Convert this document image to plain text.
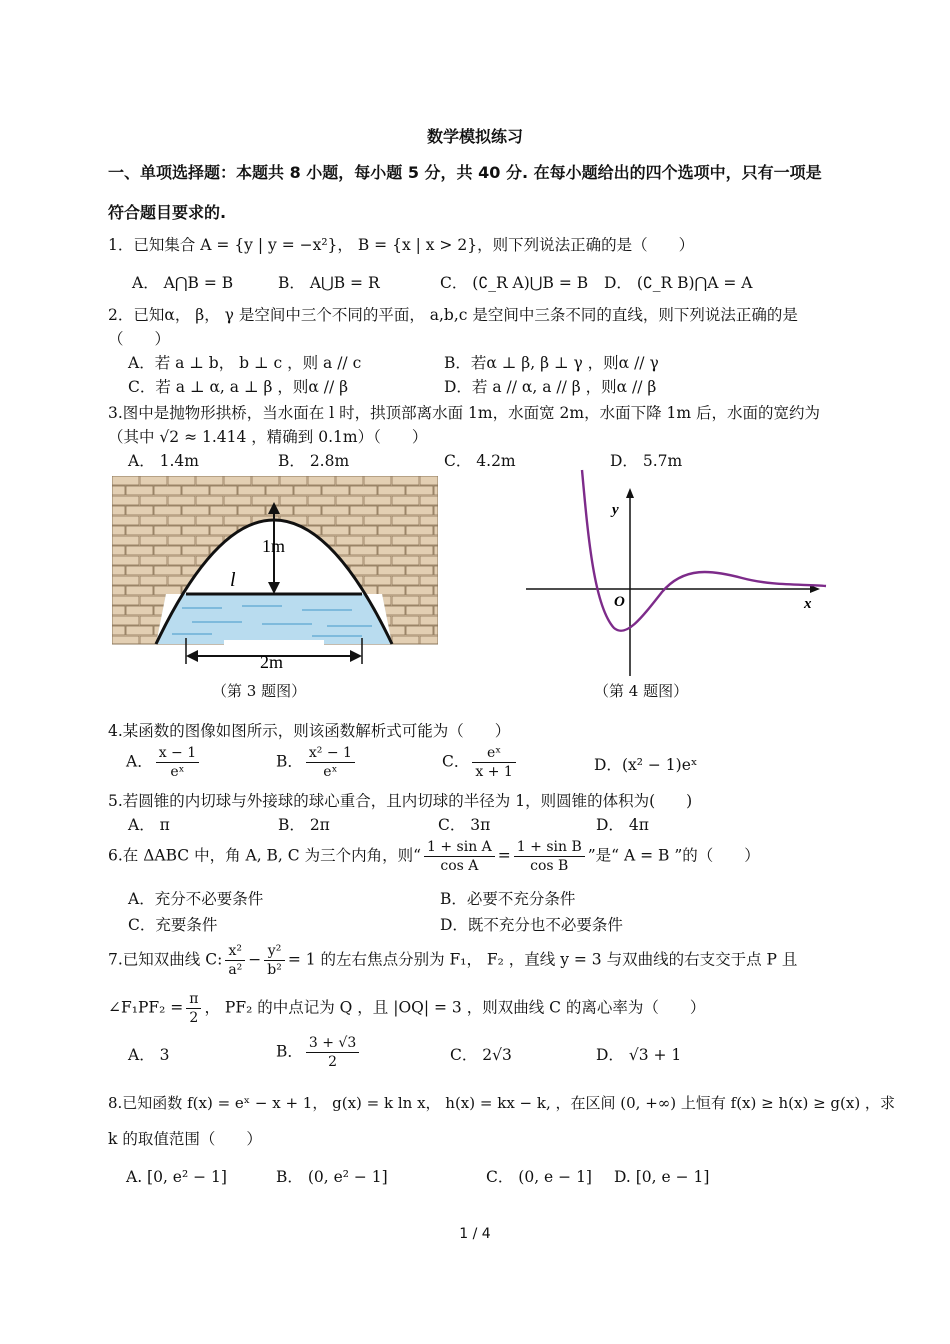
数学模拟练习
一、单项选择题：本题共 8 小题，每小题 5 分，共 40 分. 在每小题给出的四个选项中，只有一项是
符合题目要求的.
1．已知集合 A = {y | y = −x²}， B = {x | x > 2}，则下列说法正确的是（　　）
A． A⋂B = B	B． A⋃B = R	C． (∁_R A)⋃B = B D． (∁_R B)⋂A = A
2．已知α， β， γ 是空间中三个不同的平面， a,b,c 是空间中三条不同的直线，则下列说法正确的是
（　　）
A．若 a ⊥ b， b ⊥ c ，则 a // c	B．若α ⊥ β, β ⊥ γ ，则α // γ
C．若 a ⊥ α, a ⊥ β ，则α // β	D．若 a // α, a // β ，则α // β
3.图中是抛物形拱桥，当水面在 l 时，拱顶部离水面 1m，水面宽 2m，水面下降 1m 后，水面的宽约为
（其中 √2 ≈ 1.414 ，精确到 0.1m）（　　）
A． 1.4m	B． 2.8m	C． 4.2m	D． 5.7m
1m
l
2m
（第 3 题图）
y
O	x
（第 4 题图）
4.某函数的图像如图所示，则该函数解析式可能为（　　）
A． $\frac{x - 1}{\text{eˣ}}$	B． $\frac{\text{x² − 1}}{\text{eˣ}}$	C． $\frac{\text{eˣ}}{x + 1}$	D．(x² − 1)eˣ
5.若圆锥的内切球与外接球的球心重合，且内切球的半径为 1，则圆锥的体积为(　　)
A． π	B． 2π	C． 3π	D． 4π
6.在 ΔABC 中，角 A, B, C 为三个内角，则“ $\frac{\text{1 + sin A}}{\text{cos A}} = \frac{\text{1 + sin B}}{\text{cos B}}$ ”是“ A = B ”的（　　）
A．充分不必要条件	B．必要不充分条件
C．充要条件	D．既不充分也不必要条件
7.已知双曲线 C: $\frac{\text{x²}}{\text{a²}} - \frac{\text{y²}}{\text{b²}} = 1$ 的左右焦点分别为 F₁， F₂ ，直线 y = 3 与双曲线的右支交于点 P 且
∠F₁PF₂ = $\frac{\pi}{2}$ ， PF₂ 的中点记为 Q ，且 |OQ| = 3 ，则双曲线 C 的离心率为（　　）
A． 3	B． $\frac{3 + √3}{2}$	C． 2√3	D． √3 + 1
8.已知函数 f(x) = eˣ − x + 1， g(x) = k ln x， h(x) = kx − k, ，在区间 (0, +∞) 上恒有 f(x) ≥ h(x) ≥ g(x) ，求
k 的取值范围（　　）
A. [0, e² − 1]	B． (0, e² − 1]	C． (0, e − 1] D. [0, e − 1]
1 / 4
